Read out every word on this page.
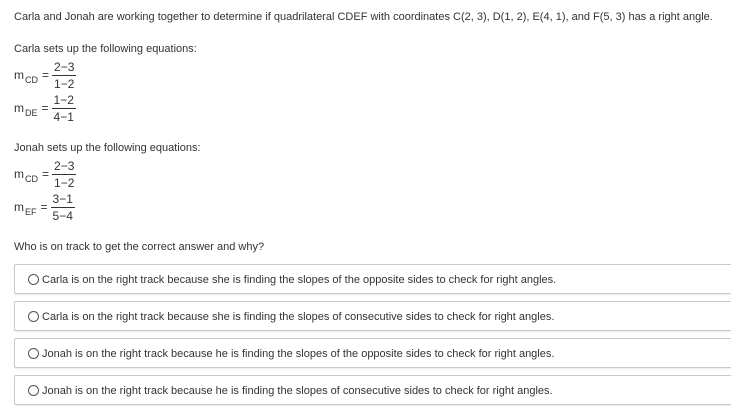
Carla and Jonah are working together to determine if quadrilateral CDEF with coordinates C(2, 3), D(1, 2), E(4, 1), and F(5, 3) has a right angle.
Carla sets up the following equations:
$m_{CD} = \frac{2-3}{1-2}$
$m_{DE} = \frac{1-2}{4-1}$
Jonah sets up the following equations:
$m_{CD} = \frac{2-3}{1-2}$
$m_{EF} = \frac{3-1}{5-4}$
Who is on track to get the correct answer and why?
Carla is on the right track because she is finding the slopes of the opposite sides to check for right angles.
Carla is on the right track because she is finding the slopes of consecutive sides to check for right angles.
Jonah is on the right track because he is finding the slopes of the opposite sides to check for right angles.
Jonah is on the right track because he is finding the slopes of consecutive sides to check for right angles.
